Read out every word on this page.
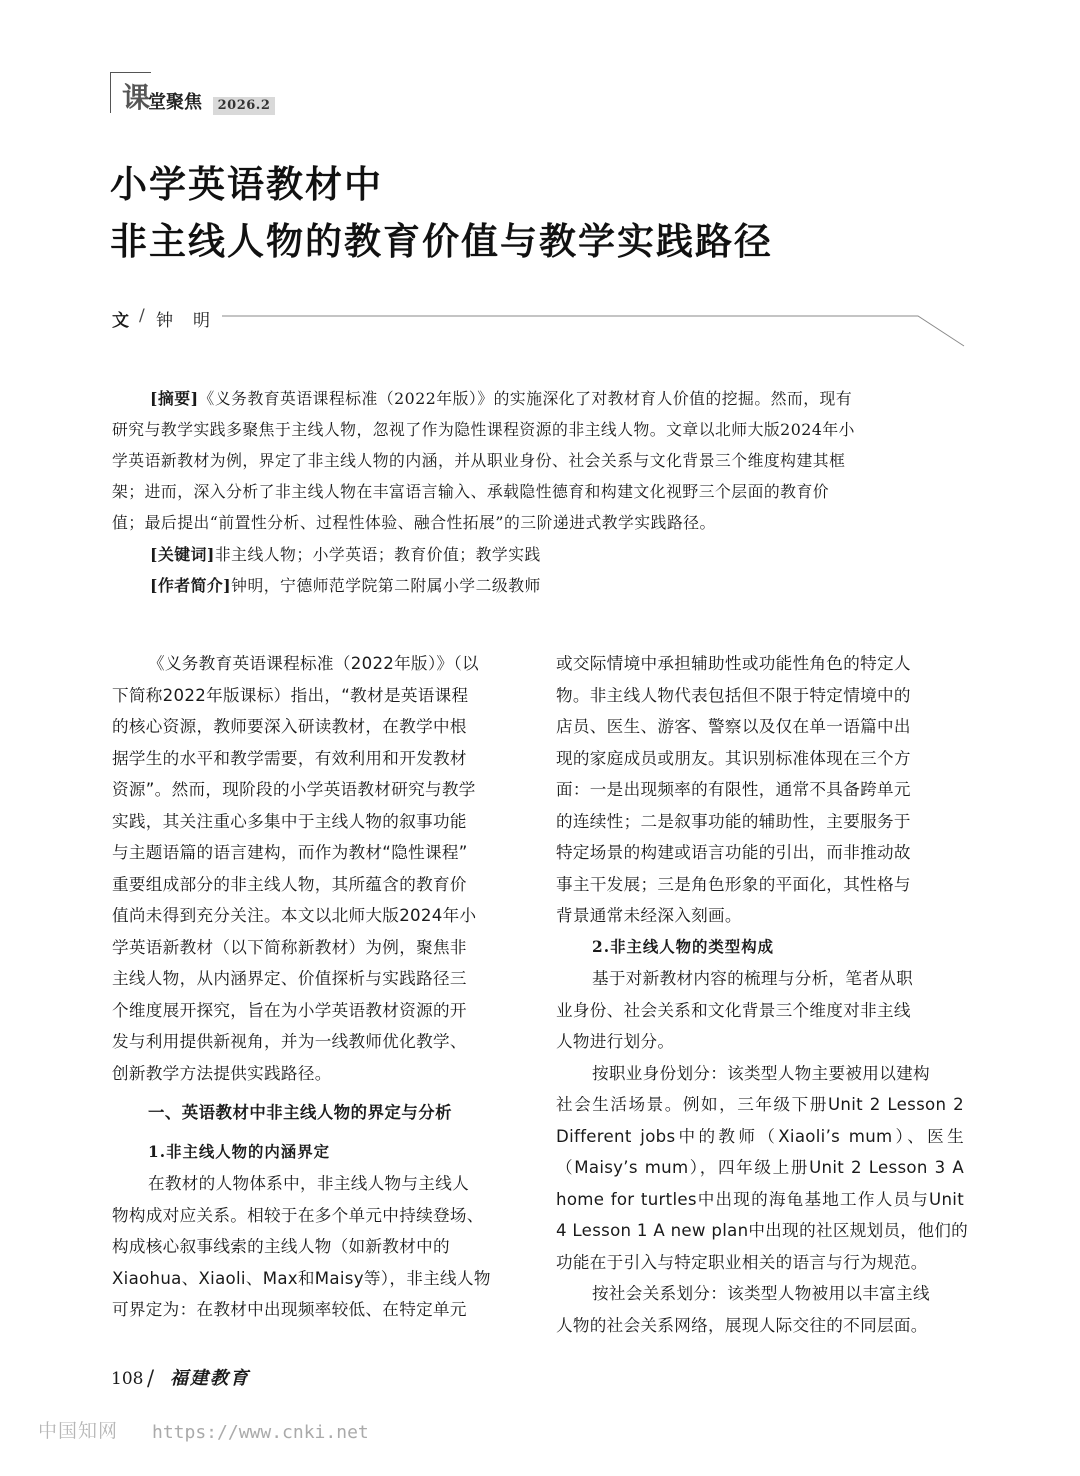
课
堂聚焦	2026.2
小学英语教材中
非主线人物的教育价值与教学实践路径
文 / 钟明
[摘要]《义务教育英语课程标准（2022年版）》的实施深化了对教材育人价值的挖掘。然而，现有
研究与教学实践多聚焦于主线人物，忽视了作为隐性课程资源的非主线人物。文章以北师大版2024年小
学英语新教材为例，界定了非主线人物的内涵，并从职业身份、社会关系与文化背景三个维度构建其框
架；进而，深入分析了非主线人物在丰富语言输入、承载隐性德育和构建文化视野三个层面的教育价
值；最后提出“前置性分析、过程性体验、融合性拓展”的三阶递进式教学实践路径。
[关键词]非主线人物；小学英语；教育价值；教学实践
[作者简介]钟明，宁德师范学院第二附属小学二级教师
《义务教育英语课程标准（2022年版）》（以
下简称2022年版课标）指出，“教材是英语课程
的核心资源，教师要深入研读教材，在教学中根
据学生的水平和教学需要，有效利用和开发教材
资源”。然而，现阶段的小学英语教材研究与教学
实践，其关注重心多集中于主线人物的叙事功能
与主题语篇的语言建构，而作为教材“隐性课程”
重要组成部分的非主线人物，其所蕴含的教育价
值尚未得到充分关注。本文以北师大版2024年小
学英语新教材（以下简称新教材）为例，聚焦非
主线人物，从内涵界定、价值探析与实践路径三
个维度展开探究，旨在为小学英语教材资源的开
发与利用提供新视角，并为一线教师优化教学、
创新教学方法提供实践路径。
一、英语教材中非主线人物的界定与分析
1.非主线人物的内涵界定
在教材的人物体系中，非主线人物与主线人
物构成对应关系。相较于在多个单元中持续登场、
构成核心叙事线索的主线人物（如新教材中的
Xiaohua、Xiaoli、Max和Maisy等），非主线人物
可界定为：在教材中出现频率较低、在特定单元
或交际情境中承担辅助性或功能性角色的特定人
物。非主线人物代表包括但不限于特定情境中的
店员、医生、游客、警察以及仅在单一语篇中出
现的家庭成员或朋友。其识别标准体现在三个方
面：一是出现频率的有限性，通常不具备跨单元
的连续性；二是叙事功能的辅助性，主要服务于
特定场景的构建或语言功能的引出，而非推动故
事主干发展；三是角色形象的平面化，其性格与
背景通常未经深入刻画。
2.非主线人物的类型构成
基于对新教材内容的梳理与分析，笔者从职
业身份、社会关系和文化背景三个维度对非主线
人物进行划分。
按职业身份划分：该类型人物主要被用以建构
社会生活场景。例如，三年级下册Unit 2 Lesson 2
Different jobs中的教师（Xiaoli’s mum）、医生
（Maisy’s mum），四年级上册Unit 2 Lesson 3 A
home for turtles中出现的海龟基地工作人员与Unit
4 Lesson 1 A new plan中出现的社区规划员，他们的
功能在于引入与特定职业相关的语言与行为规范。
按社会关系划分：该类型人物被用以丰富主线
人物的社会关系网络，展现人际交往的不同层面。
108 / 福建教育
中国知网 https://www.cnki.net
